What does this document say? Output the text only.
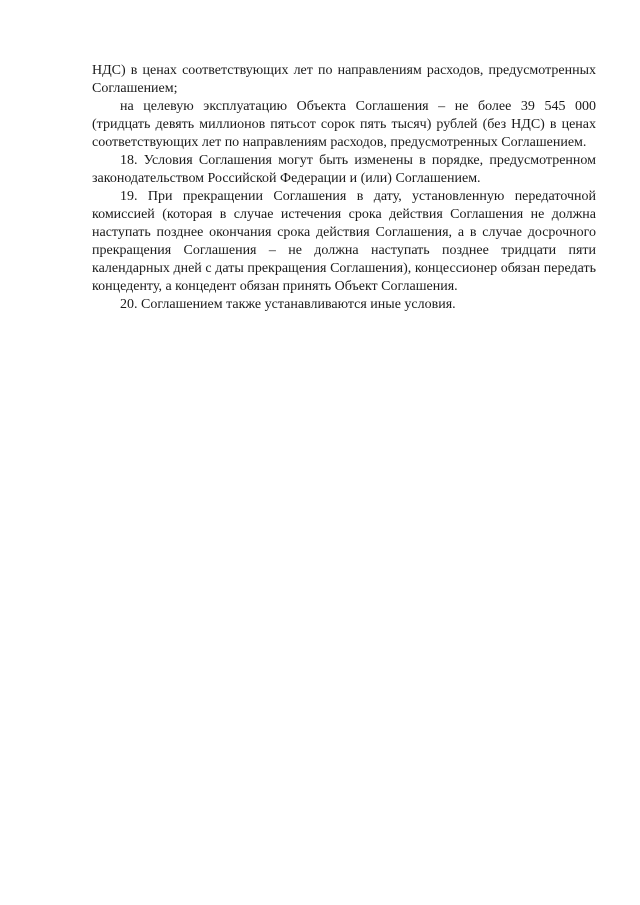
НДС) в ценах соответствующих лет по направлениям расходов, предусмотренных Соглашением;

на целевую эксплуатацию Объекта Соглашения – не более 39 545 000 (тридцать девять миллионов пятьсот сорок пять тысяч) рублей (без НДС) в ценах соответствующих лет по направлениям расходов, предусмотренных Соглашением.

18. Условия Соглашения могут быть изменены в порядке, предусмотренном законодательством Российской Федерации и (или) Соглашением.

19. При прекращении Соглашения в дату, установленную передаточной комиссией (которая в случае истечения срока действия Соглашения не должна наступать позднее окончания срока действия Соглашения, а в случае досрочного прекращения Соглашения – не должна наступать позднее тридцати пяти календарных дней с даты прекращения Соглашения), концессионер обязан передать концеденту, а концедент обязан принять Объект Соглашения.

20. Соглашением также устанавливаются иные условия.
